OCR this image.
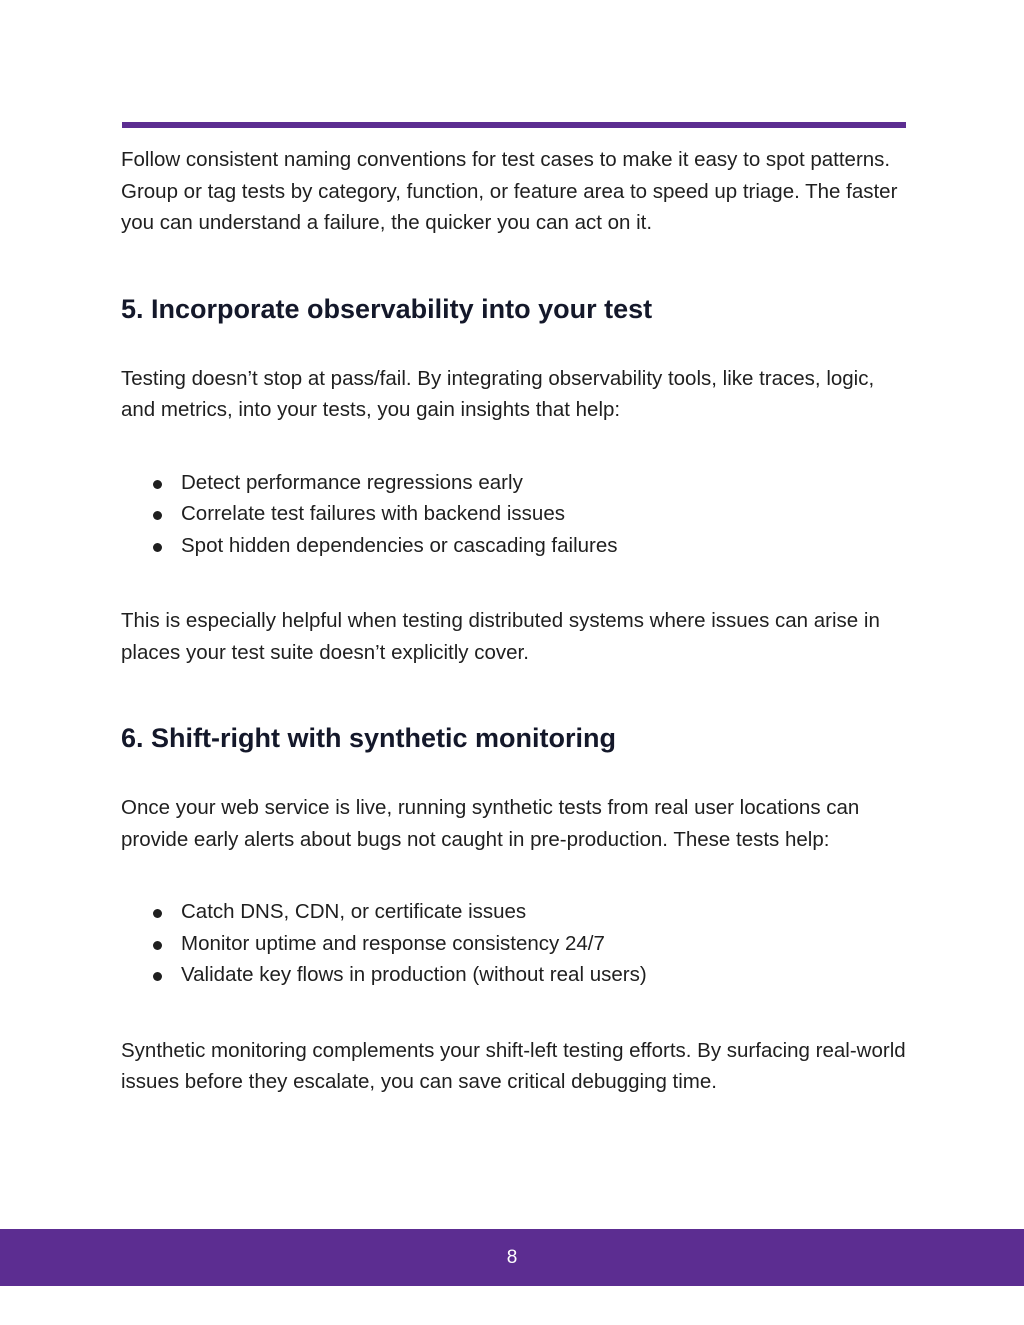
Follow consistent naming conventions for test cases to make it easy to spot patterns. Group or tag tests by category, function, or feature area to speed up triage. The faster you can understand a failure, the quicker you can act on it.

5. Incorporate observability into your test

Testing doesn’t stop at pass/fail. By integrating observability tools, like traces, logic, and metrics, into your tests, you gain insights that help:

Detect performance regressions early
Correlate test failures with backend issues
Spot hidden dependencies or cascading failures

This is especially helpful when testing distributed systems where issues can arise in places your test suite doesn’t explicitly cover.

6. Shift-right with synthetic monitoring

Once your web service is live, running synthetic tests from real user locations can provide early alerts about bugs not caught in pre-production. These tests help:

Catch DNS, CDN, or certificate issues
Monitor uptime and response consistency 24/7
Validate key flows in production (without real users)

Synthetic monitoring complements your shift-left testing efforts. By surfacing real-world issues before they escalate, you can save critical debugging time.

8
